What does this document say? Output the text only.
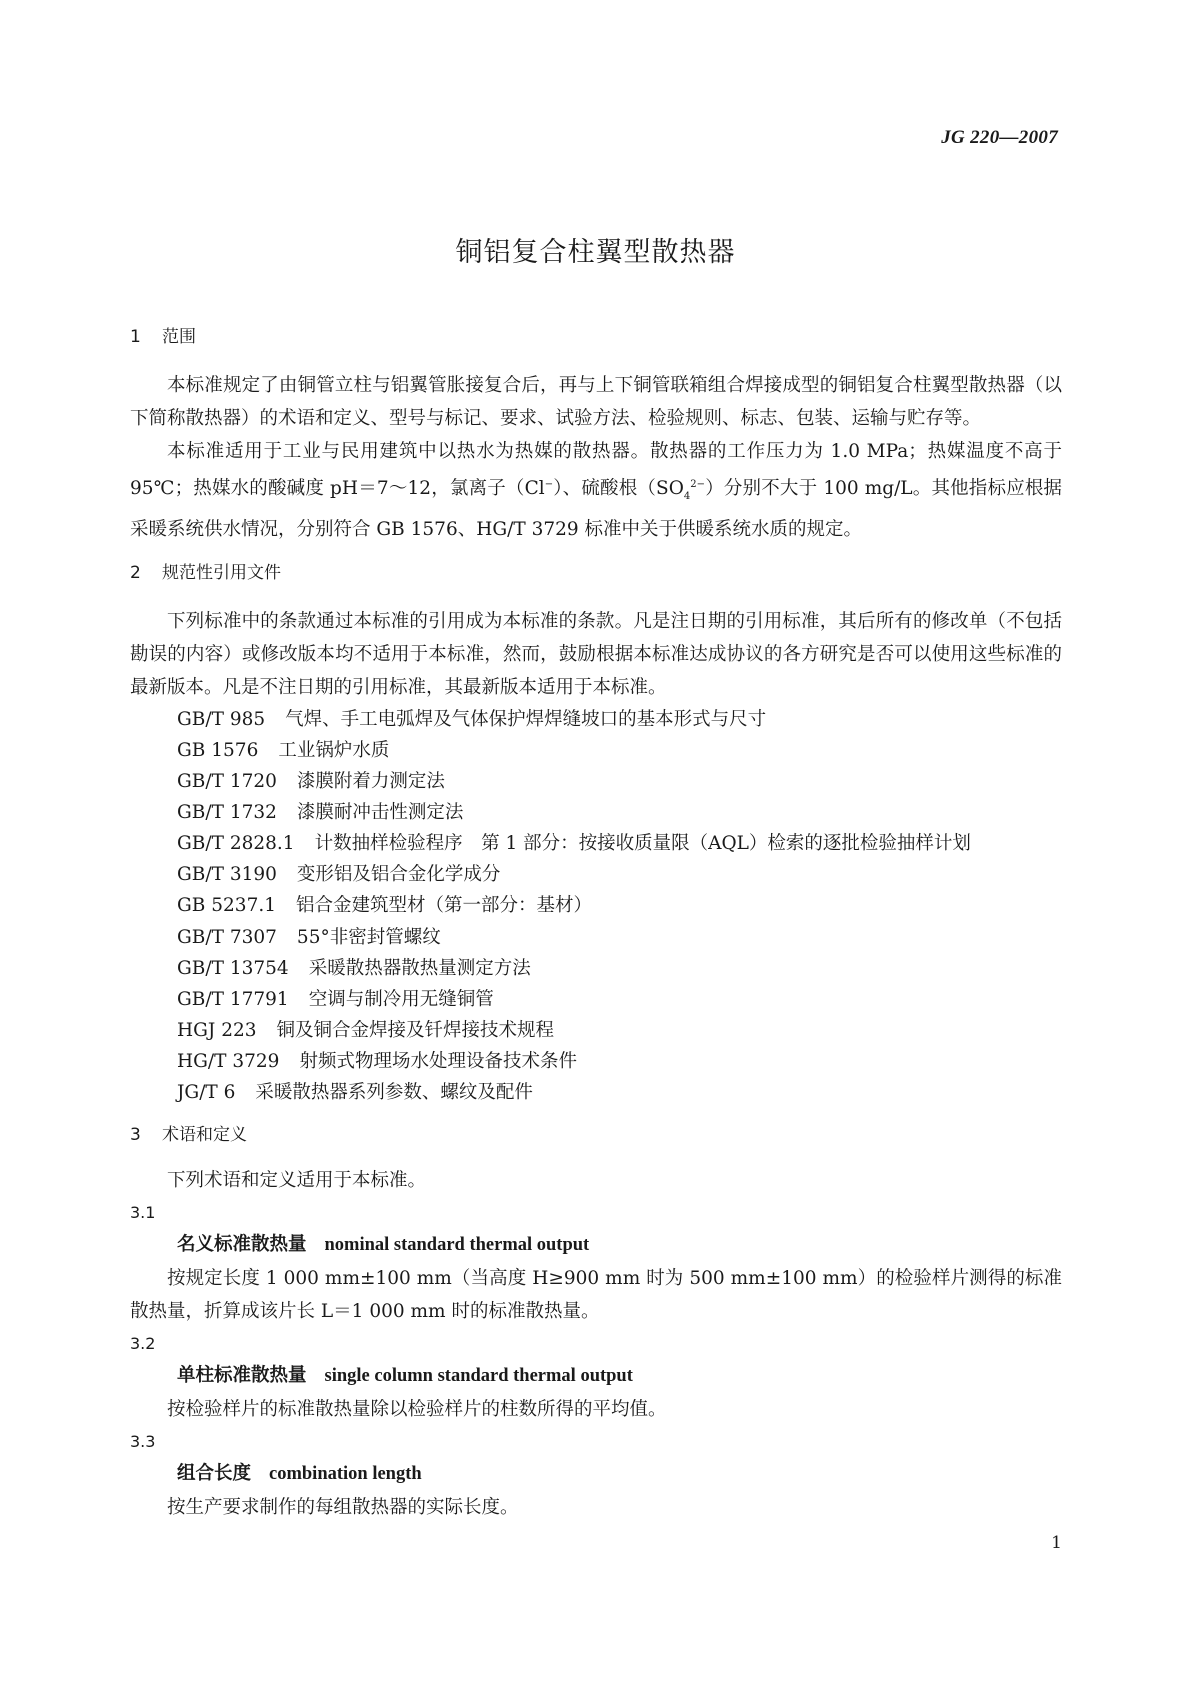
JG 220—2007
铜铝复合柱翼型散热器
1	范围

本标准规定了由铜管立柱与铝翼管胀接复合后，再与上下铜管联箱组合焊接成型的铜铝复合柱翼型散热器（以下简称散热器）的术语和定义、型号与标记、要求、试验方法、检验规则、标志、包装、运输与贮存等。

本标准适用于工业与民用建筑中以热水为热媒的散热器。散热器的工作压力为 1.0 MPa；热媒温度不高于 95℃；热媒水的酸碱度 pH＝7～12，氯离子（Cl−）、硫酸根$(SO_4^{2-})$分别不大于 100 mg/L。其他指标应根据采暖系统供水情况，分别符合 GB 1576、HG/T 3729 标准中关于供暖系统水质的规定。

2	规范性引用文件

下列标准中的条款通过本标准的引用成为本标准的条款。凡是注日期的引用标准，其后所有的修改单（不包括勘误的内容）或修改版本均不适用于本标准，然而，鼓励根据本标准达成协议的各方研究是否可以使用这些标准的最新版本。凡是不注日期的引用标准，其最新版本适用于本标准。

GB/T 985 气焊、手工电弧焊及气体保护焊焊缝坡口的基本形式与尺寸
GB 1576 工业锅炉水质
GB/T 1720 漆膜附着力测定法
GB/T 1732 漆膜耐冲击性测定法
GB/T 2828.1 计数抽样检验程序　第 1 部分：按接收质量限（AQL）检索的逐批检验抽样计划
GB/T 3190 变形铝及铝合金化学成分
GB 5237.1 铝合金建筑型材（第一部分：基材）
GB/T 7307 55°非密封管螺纹
GB/T 13754 采暖散热器散热量测定方法
GB/T 17791 空调与制冷用无缝铜管
HGJ 223 铜及铜合金焊接及钎焊接技术规程
HG/T 3729 射频式物理场水处理设备技术条件
JG/T 6 采暖散热器系列参数、螺纹及配件
3	术语和定义

下列术语和定义适用于本标准。

3.1
名义标准散热量 nominal standard thermal output

按规定长度 1 000 mm±100 mm（当高度 H≥900 mm 时为 500 mm±100 mm）的检验样片测得的标准散热量，折算成该片长 L＝1 000 mm 时的标准散热量。

3.2
单柱标准散热量 single column standard thermal output

按检验样片的标准散热量除以检验样片的柱数所得的平均值。

3.3
组合长度 combination length

按生产要求制作的每组散热器的实际长度。

1
